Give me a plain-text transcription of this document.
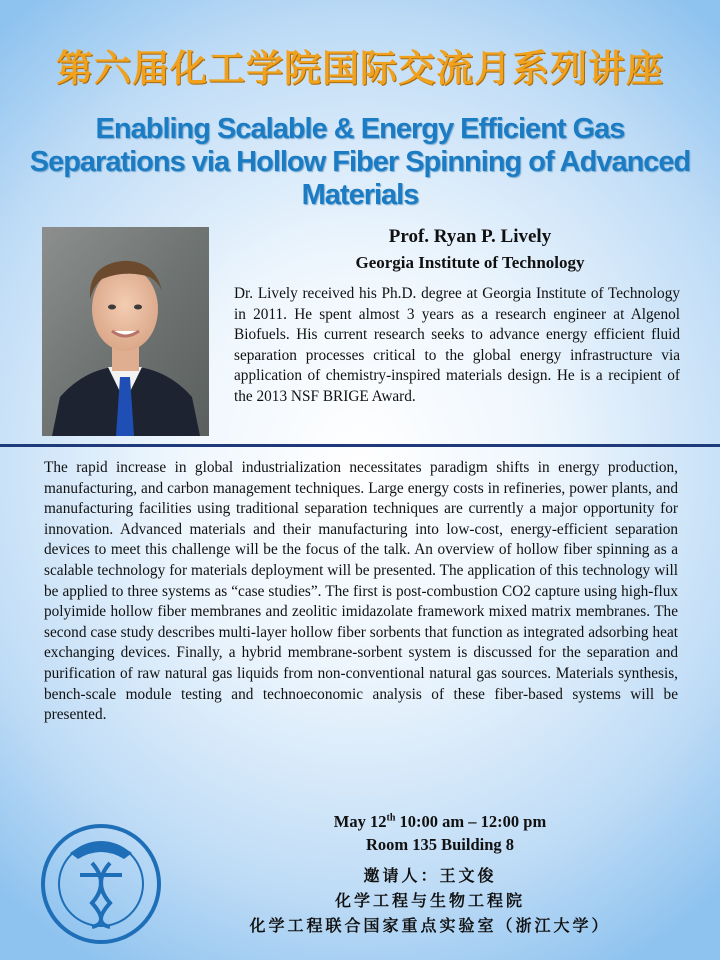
第六届化工学院国际交流月系列讲座
Enabling Scalable & Energy Efficient Gas Separations via Hollow Fiber Spinning of Advanced Materials
Prof. Ryan P. Lively
Georgia Institute of Technology
Dr. Lively received his Ph.D. degree at Georgia Institute of Technology in 2011. He spent almost 3 years as a research engineer at Algenol Biofuels. His current research seeks to advance energy efficient fluid separation processes critical to the global energy infrastructure via application of chemistry-inspired materials design. He is a recipient of the 2013 NSF BRIGE Award.
The rapid increase in global industrialization necessitates paradigm shifts in energy production, manufacturing, and carbon management techniques. Large energy costs in refineries, power plants, and manufacturing facilities using traditional separation techniques are currently a major opportunity for innovation. Advanced materials and their manufacturing into low-cost, energy-efficient separation devices to meet this challenge will be the focus of the talk. An overview of hollow fiber spinning as a scalable technology for materials deployment will be presented. The application of this technology will be applied to three systems as “case studies”. The first is post-combustion CO2 capture using high-flux polyimide hollow fiber membranes and zeolitic imidazolate framework mixed matrix membranes. The second case study describes multi-layer hollow fiber sorbents that function as integrated adsorbing heat exchanging devices. Finally, a hybrid membrane-sorbent system is discussed for the separation and purification of raw natural gas liquids from non-conventional natural gas sources. Materials synthesis, bench-scale module testing and technoeconomic analysis of these fiber-based systems will be presented.
May 12th 10:00 am – 12:00 pm
Room 135 Building 8
邀请人：王文俊
化学工程与生物工程院
化学工程联合国家重点实验室（浙江大学）
